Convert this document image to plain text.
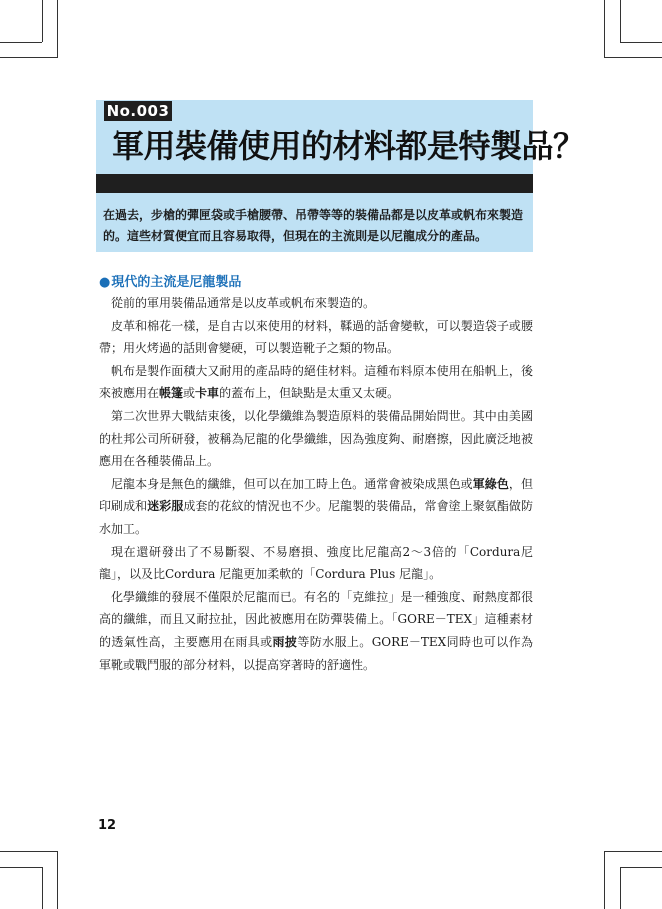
No.003
軍用裝備使用的材料都是特製品？
在過去，步槍的彈匣袋或手槍腰帶、吊帶等等的裝備品都是以皮革或帆布來製造的。這些材質便宜而且容易取得，但現在的主流則是以尼龍成分的產品。
●現代的主流是尼龍製品

從前的軍用裝備品通常是以皮革或帆布來製造的。

皮革和棉花一樣，是自古以來使用的材料，鞣過的話會變軟，可以製造袋子或腰帶；用火烤過的話則會變硬，可以製造靴子之類的物品。

帆布是製作面積大又耐用的產品時的絕佳材料。這種布料原本使用在船帆上，後來被應用在帳篷或卡車的蓋布上，但缺點是太重又太硬。

第二次世界大戰結束後，以化學纖維為製造原料的裝備品開始問世。其中由美國的杜邦公司所研發，被稱為尼龍的化學纖維，因為強度夠、耐磨擦，因此廣泛地被應用在各種裝備品上。

尼龍本身是無色的纖維，但可以在加工時上色。通常會被染成黑色或軍綠色，但印刷成和迷彩服成套的花紋的情況也不少。尼龍製的裝備品，常會塗上聚氨酯做防水加工。

現在還研發出了不易斷裂、不易磨損、強度比尼龍高2～3倍的「Cordura尼龍」，以及比Cordura 尼龍更加柔軟的「Cordura Plus 尼龍」。

化學纖維的發展不僅限於尼龍而已。有名的「克維拉」是一種強度、耐熱度都很高的纖維，而且又耐拉扯，因此被應用在防彈裝備上。「GORE－TEX」這種素材的透氣性高，主要應用在雨具或雨披等防水服上。GORE－TEX同時也可以作為軍靴或戰鬥服的部分材料，以提高穿著時的舒適性。

12
